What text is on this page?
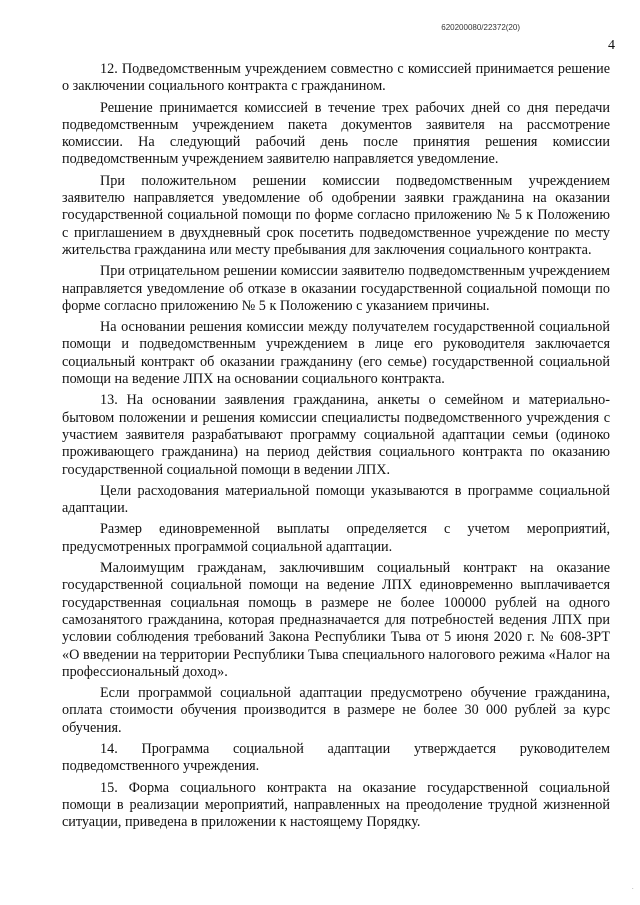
620200080/22372(20)
4

12. Подведомственным учреждением совместно с комиссией принимается решение о заключении социального контракта с гражданином.

Решение принимается комиссией в течение трех рабочих дней со дня передачи подведомственным учреждением пакета документов заявителя на рассмотрение комиссии. На следующий рабочий день после принятия решения комиссии подведомственным учреждением заявителю направляется уведомление.

При положительном решении комиссии подведомственным учреждением заявителю направляется уведомление об одобрении заявки гражданина на оказании государственной социальной помощи по форме согласно приложению № 5 к Положению с приглашением в двухдневный срок посетить подведомственное учреждение по месту жительства гражданина или месту пребывания для заключения социального контракта.

При отрицательном решении комиссии заявителю подведомственным учреждением направляется уведомление об отказе в оказании государственной социальной помощи по форме согласно приложению № 5 к Положению с указанием причины.

На основании решения комиссии между получателем государственной социальной помощи и подведомственным учреждением в лице его руководителя заключается социальный контракт об оказании гражданину (его семье) государственной социальной помощи на ведение ЛПХ на основании социального контракта.

13. На основании заявления гражданина, анкеты о семейном и материально-бытовом положении и решения комиссии специалисты подведомственного учреждения с участием заявителя разрабатывают программу социальной адаптации семьи (одиноко проживающего гражданина) на период действия социального контракта по оказанию государственной социальной помощи в ведении ЛПХ.

Цели расходования материальной помощи указываются в программе социальной адаптации.

Размер единовременной выплаты определяется с учетом мероприятий, предусмотренных программой социальной адаптации.

Малоимущим гражданам, заключившим социальный контракт на оказание государственной социальной помощи на ведение ЛПХ единовременно выплачивается государственная социальная помощь в размере не более 100000 рублей на одного самозанятого гражданина, которая предназначается для потребностей ведения ЛПХ при условии соблюдения требований Закона Республики Тыва от 5 июня 2020 г. № 608-ЗРТ «О введении на территории Республики Тыва специального налогового режима «Налог на профессиональный доход».

Если программой социальной адаптации предусмотрено обучение гражданина, оплата стоимости обучения производится в размере не более 30 000 рублей за курс обучения.

14. Программа социальной адаптации утверждается руководителем подведомственного учреждения.

15. Форма социального контракта на оказание государственной социальной помощи в реализации мероприятий, направленных на преодоление трудной жизненной ситуации, приведена в приложении к настоящему Порядку.

·
